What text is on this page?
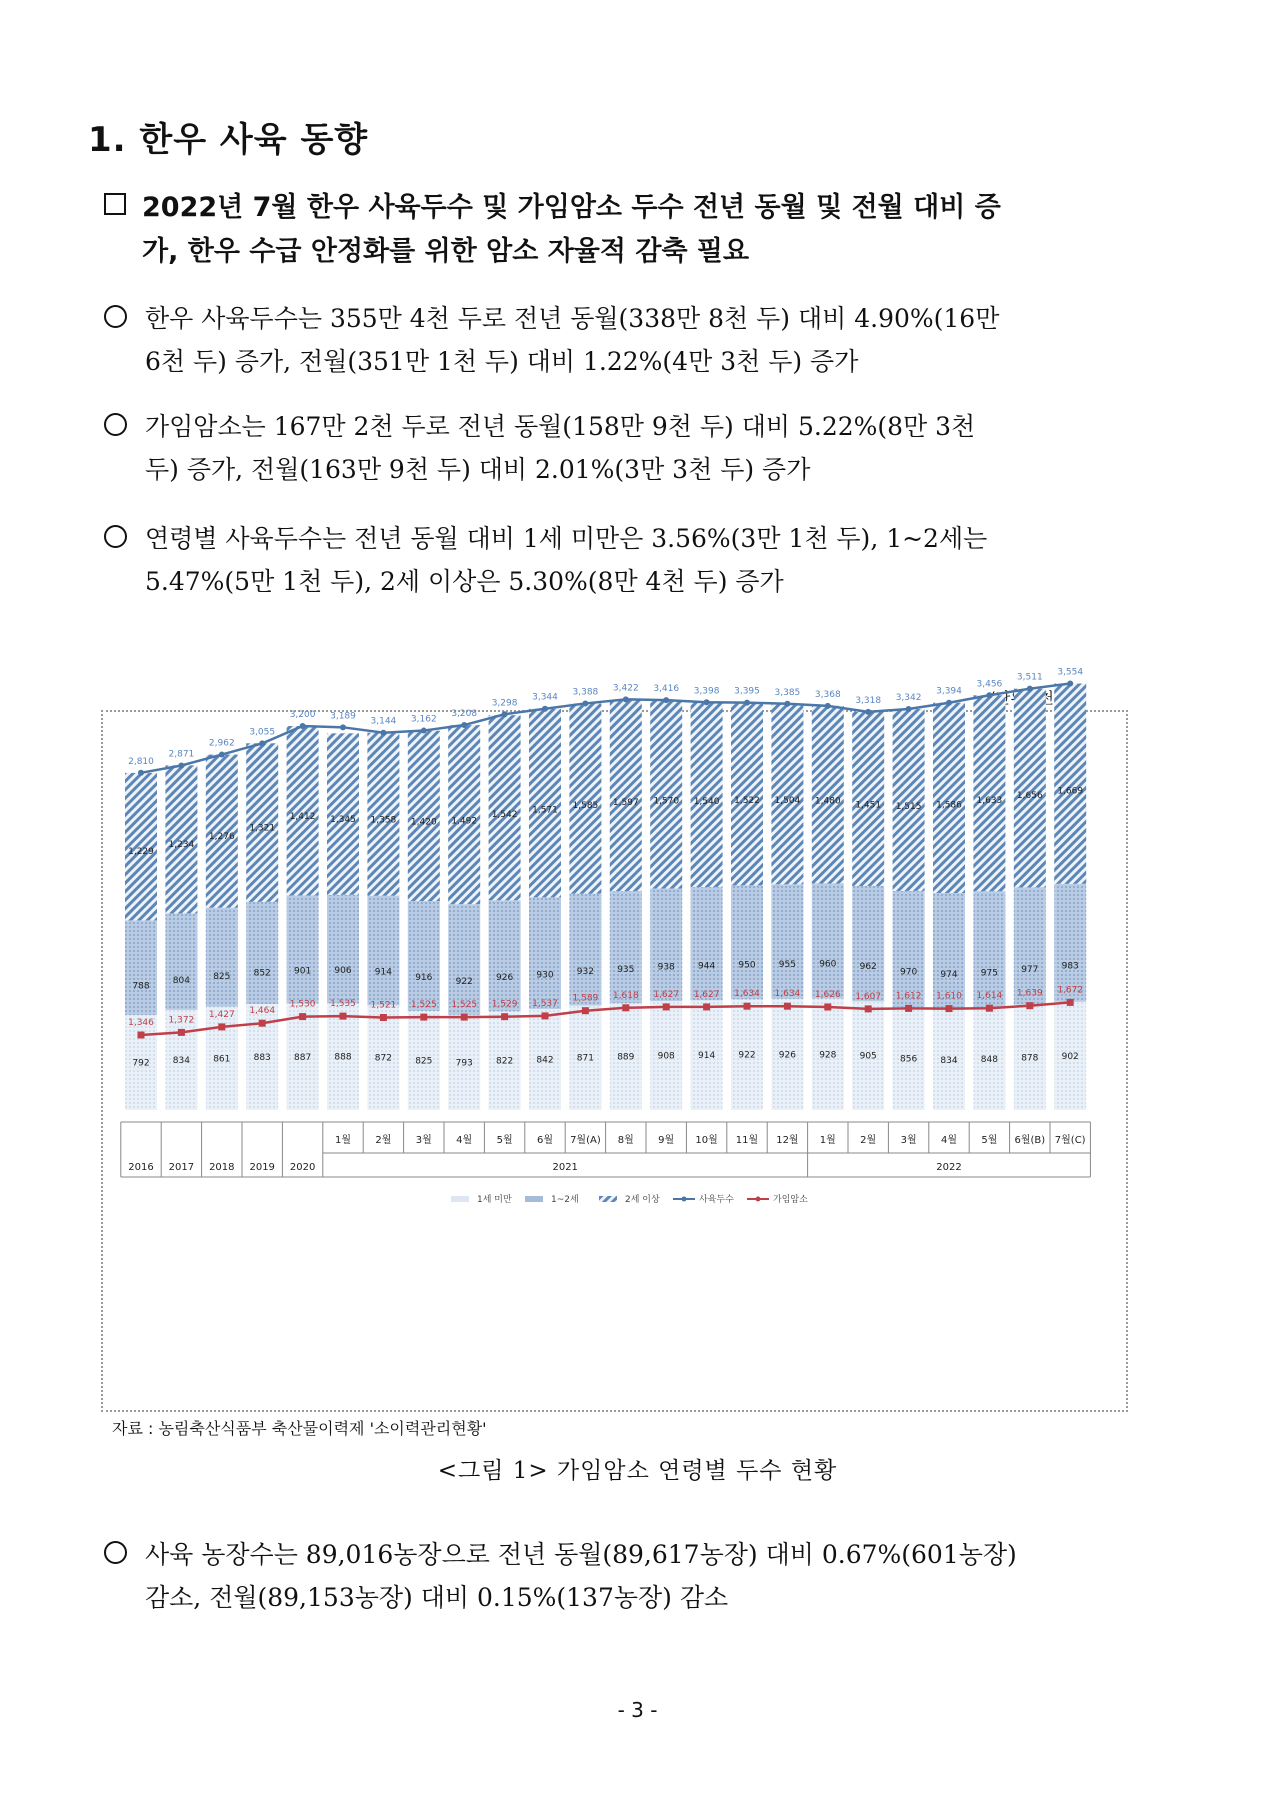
1. 한우 사육 동향
2022년 7월 한우 사육두수 및 가임암소 두수 전년 동월 및 전월 대비 증
가, 한우 수급 안정화를 위한 암소 자율적 감축 필요
한우 사육두수는 355만 4천 두로 전년 동월(338만 8천 두) 대비 4.90%(16만
6천 두) 증가, 전월(351만 1천 두) 대비 1.22%(4만 3천 두) 증가
가임암소는 167만 2천 두로 전년 동월(158만 9천 두) 대비 5.22%(8만 3천
두) 증가, 전월(163만 9천 두) 대비 2.01%(3만 3천 두) 증가
연령별 사육두수는 전년 동월 대비 1세 미만은 3.56%(3만 1천 두), 1~2세는
5.47%(5만 1천 두), 2세 이상은 5.30%(8만 4천 두) 증가
(단위
792
788
1,229
834
804
1,234
861
825
1,276
883
852
1,321
887
901
1,412
888
906
1,345
872
914
1,358
825
916
1,420
793
922
1,492
822
926
1,542
842
930
1,571
871
932
1,585
889
935
1,597
908
938
1,570
914
944
1,540
922
950
1,522
926
955
1,504
928
960
1,480
905
962
1,451
856
970
1,515
834
974
1,586
848
975
1,633
878
977
1,656
902
983
1,669
2,810
2,871
2,962
3,055
3,200 3,189
3,144 3,162
3,208
3,298
3,344
3,388 3,422 3,416 3,398 3,395 3,385 3,368
3,318 3,342
3,394
3,456
3,511
3,554
1,346 1,372
1,427 1,464
1,530 1,535 1,521 1,525 1,525 1,529 1,537
1,589 1,618 1,627 1,627 1,634 1,634 1,626 1,607 1,612 1,610 1,614 1,639 1,672
2016 2017 2018 2019 2020
1월 2월 3월 4월 5월 6월 7월(A) 8월 9월 10월 11월 12월 1월 2월 3월 4월 5월 6월(B) 7월(C)
2021	2022
1세 미만	1~2세	2세 이상	사육두수	가임암소
자료 : 농림축산식품부 축산물이력제 '소이력관리현황'
<그림 1> 가임암소 연령별 두수 현황
사육 농장수는 89,016농장으로 전년 동월(89,617농장) 대비 0.67%(601농장)
감소, 전월(89,153농장) 대비 0.15%(137농장) 감소
- 3 -
